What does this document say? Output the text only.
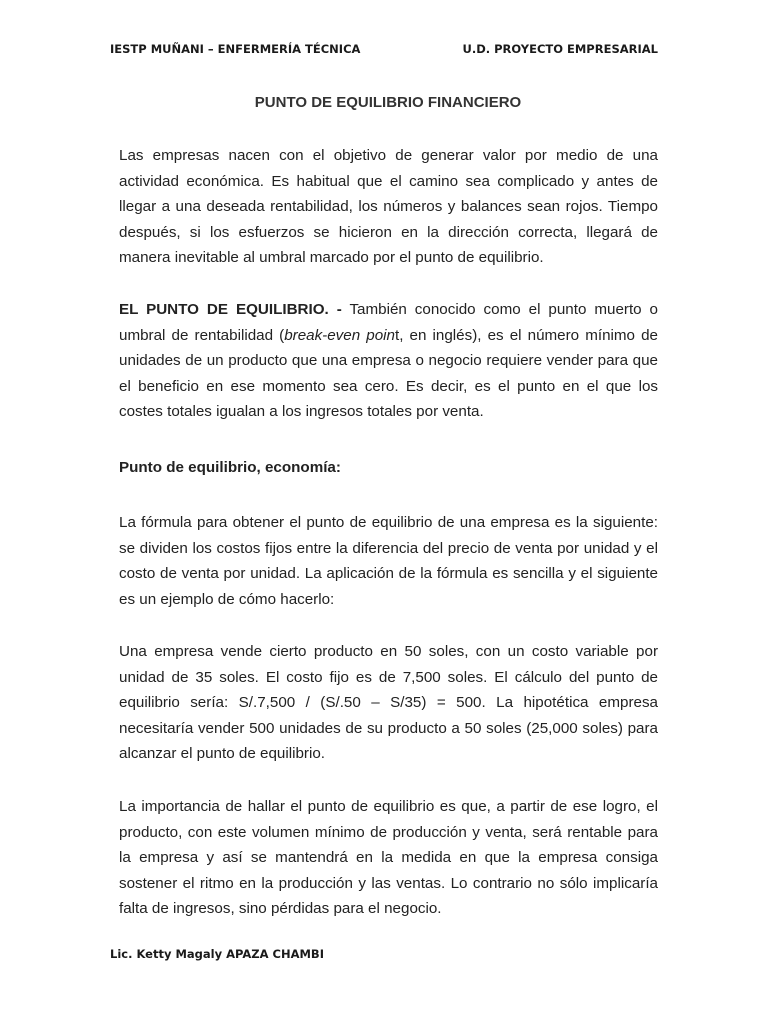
IESTP MUÑANI – ENFERMERÍA TÉCNICA	U.D. PROYECTO EMPRESARIAL
PUNTO DE EQUILIBRIO FINANCIERO

Las empresas nacen con el objetivo de generar valor por medio de una actividad económica. Es habitual que el camino sea complicado y antes de llegar a una deseada rentabilidad, los números y balances sean rojos. Tiempo después, si los esfuerzos se hicieron en la dirección correcta, llegará de manera inevitable al umbral marcado por el punto de equilibrio.

EL PUNTO DE EQUILIBRIO. - También conocido como el punto muerto o umbral de rentabilidad (break-even point, en inglés), es el número mínimo de unidades de un producto que una empresa o negocio requiere vender para que el beneficio en ese momento sea cero. Es decir, es el punto en el que los costes totales igualan a los ingresos totales por venta.

Punto de equilibrio, economía:

La fórmula para obtener el punto de equilibrio de una empresa es la siguiente: se dividen los costos fijos entre la diferencia del precio de venta por unidad y el costo de venta por unidad. La aplicación de la fórmula es sencilla y el siguiente es un ejemplo de cómo hacerlo:

Una empresa vende cierto producto en 50 soles, con un costo variable por unidad de 35 soles. El costo fijo es de 7,500 soles. El cálculo del punto de equilibrio sería: S/.7,500 / (S/.50 – S/35) = 500. La hipotética empresa necesitaría vender 500 unidades de su producto a 50 soles (25,000 soles) para alcanzar el punto de equilibrio.

La importancia de hallar el punto de equilibrio es que, a partir de ese logro, el producto, con este volumen mínimo de producción y venta, será rentable para la empresa y así se mantendrá en la medida en que la empresa consiga sostener el ritmo en la producción y las ventas. Lo contrario no sólo implicaría falta de ingresos, sino pérdidas para el negocio.

Lic. Ketty Magaly APAZA CHAMBI
